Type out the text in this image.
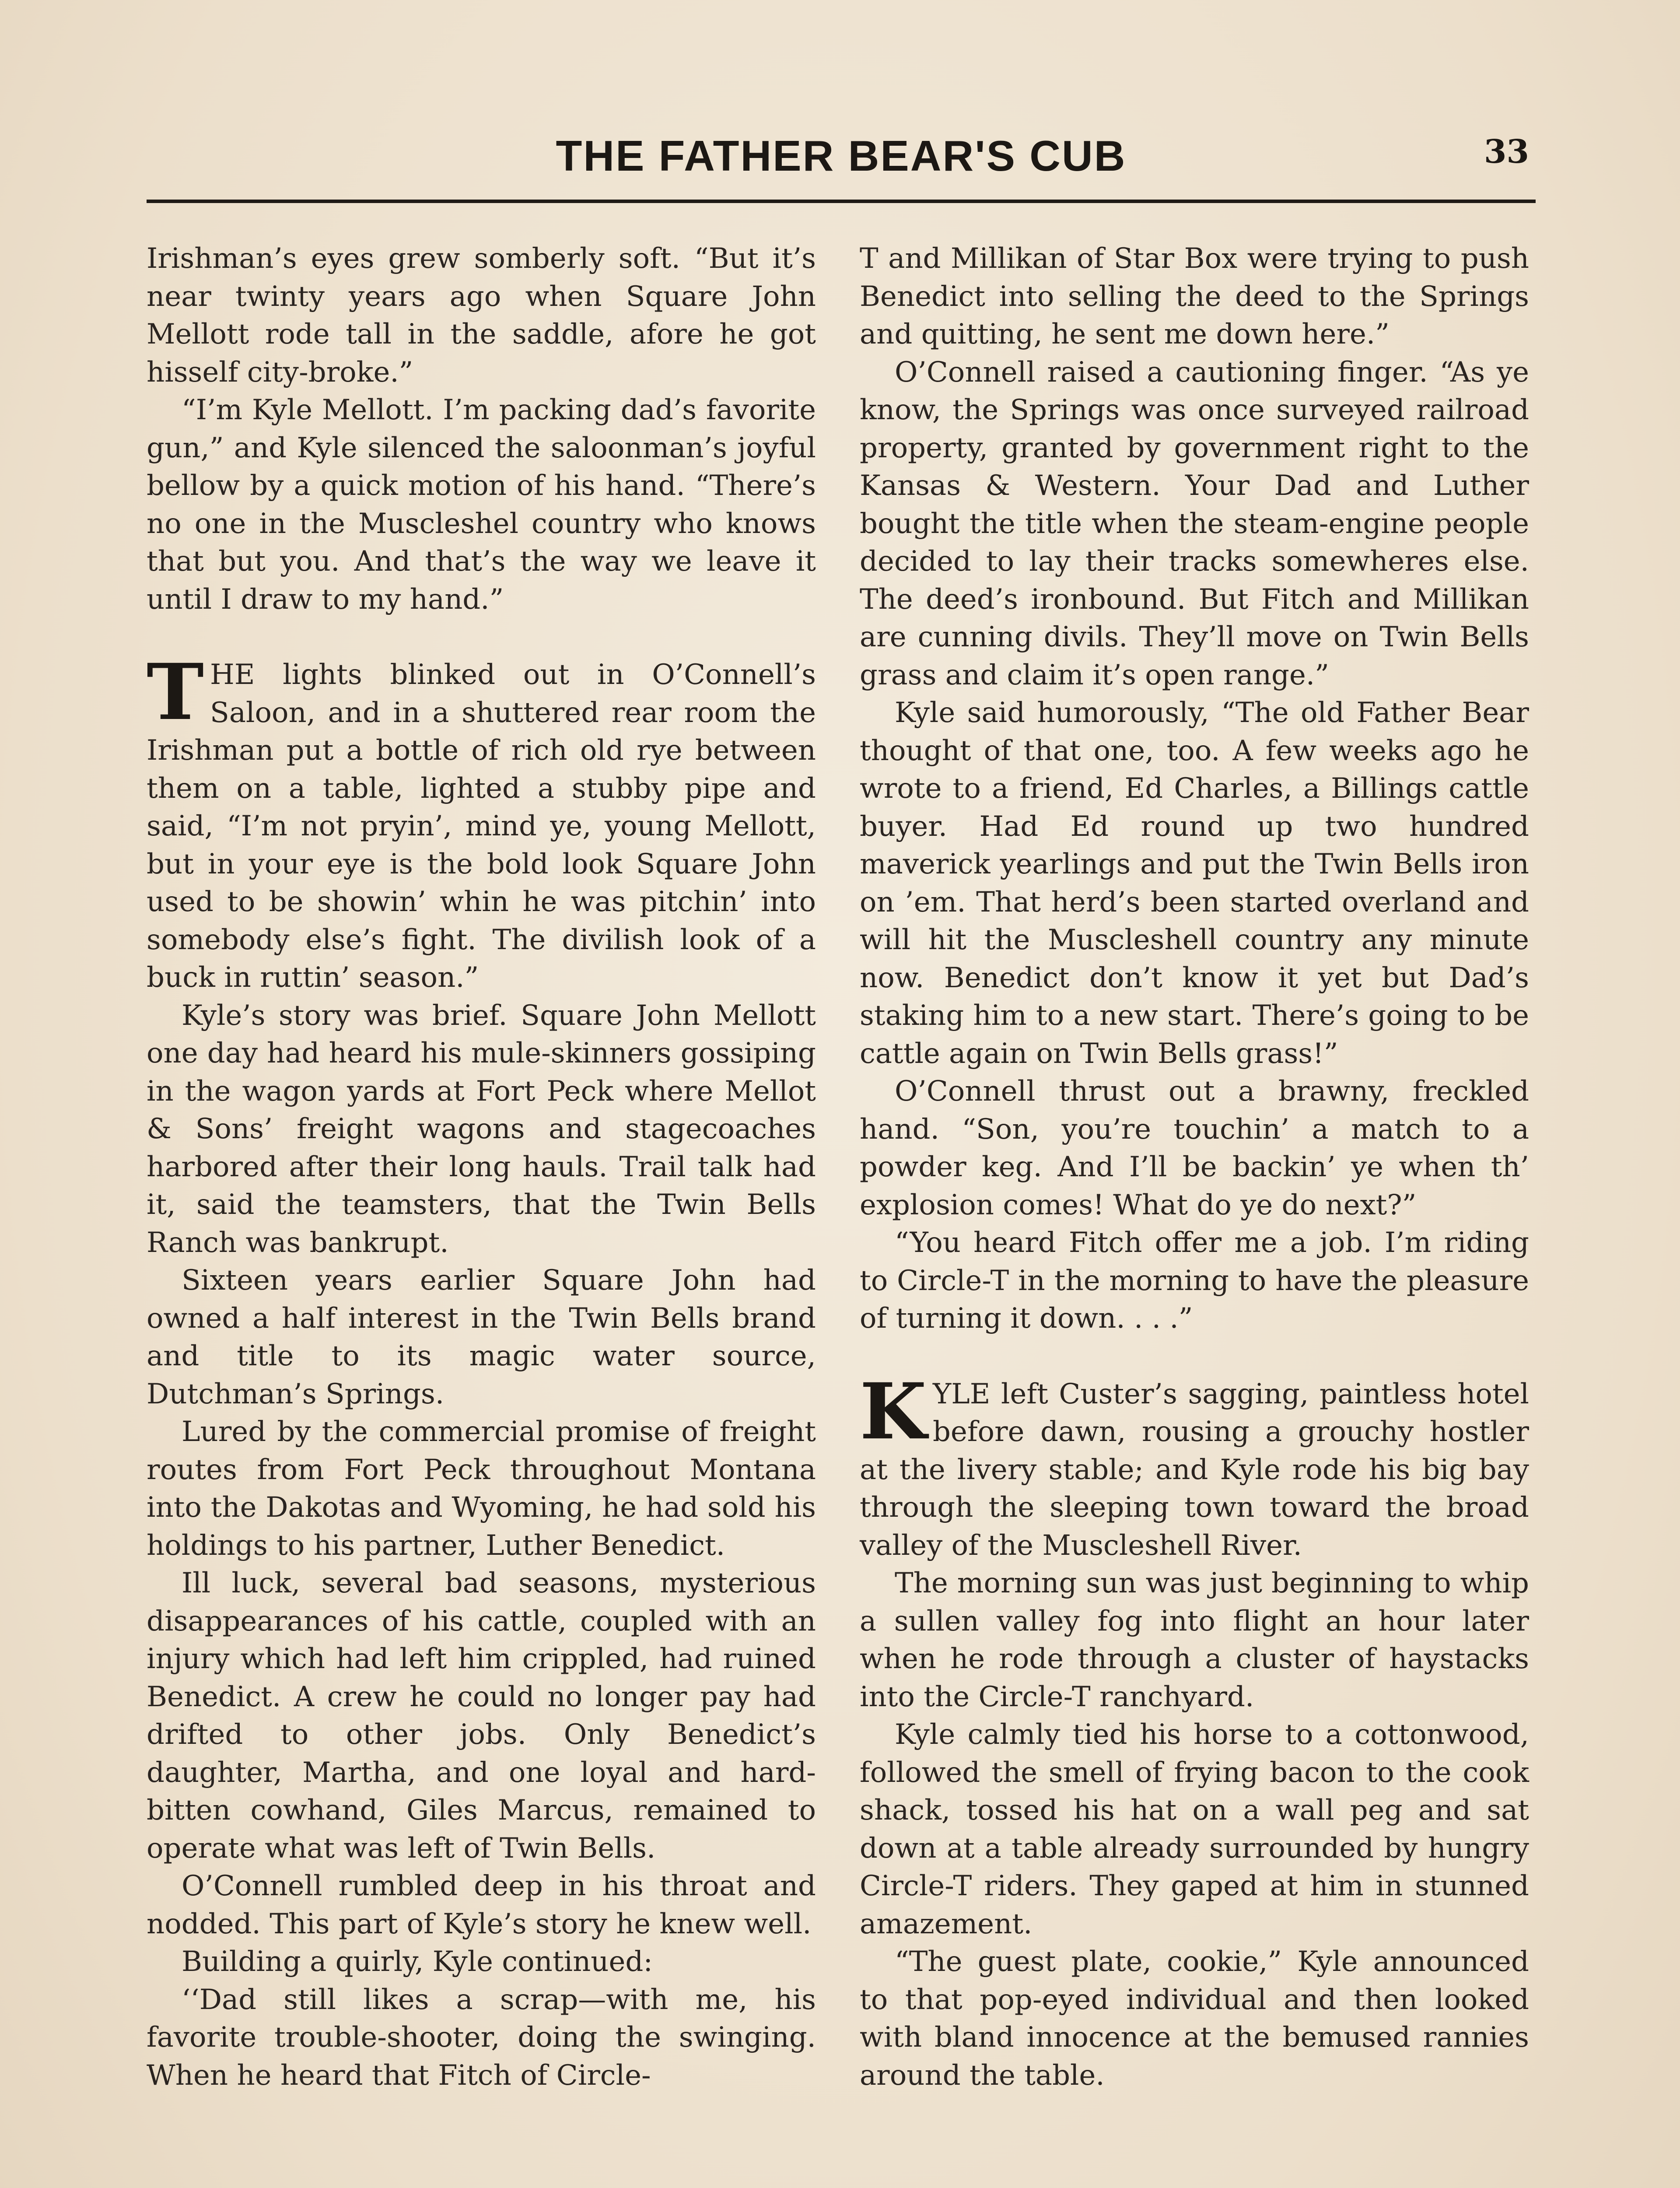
THE FATHER BEAR'S CUB	33

Irishman’s eyes grew somberly soft. “But it’s near twinty years ago when Square John Mellott rode tall in the saddle, afore he got hisself city-broke.”

“I’m Kyle Mellott. I’m packing dad’s favorite gun,” and Kyle silenced the saloonman’s joyful bellow by a quick motion of his hand. “There’s no one in the Muscleshel country who knows that but you. And that’s the way we leave it until I draw to my hand.”

THE lights blinked out in O’Connell’s Saloon, and in a shuttered rear room the Irishman put a bottle of rich old rye between them on a table, lighted a stubby pipe and said, “I’m not pryin’, mind ye, young Mellott, but in your eye is the bold look Square John used to be showin’ whin he was pitchin’ into somebody else’s fight. The divilish look of a buck in ruttin’ season.”

Kyle’s story was brief. Square John Mellott one day had heard his mule-skinners gossiping in the wagon yards at Fort Peck where Mellot & Sons’ freight wagons and stagecoaches harbored after their long hauls. Trail talk had it, said the teamsters, that the Twin Bells Ranch was bankrupt.

Sixteen years earlier Square John had owned a half interest in the Twin Bells brand and title to its magic water source, Dutchman’s Springs.

Lured by the commercial promise of freight routes from Fort Peck throughout Montana into the Dakotas and Wyoming, he had sold his holdings to his partner, Luther Benedict.

Ill luck, several bad seasons, mysterious disappearances of his cattle, coupled with an injury which had left him crippled, had ruined Benedict. A crew he could no longer pay had drifted to other jobs. Only Benedict’s daughter, Martha, and one loyal and hard-bitten cowhand, Giles Marcus, remained to operate what was left of Twin Bells.

O’Connell rumbled deep in his throat and nodded. This part of Kyle’s story he knew well.

Building a quirly, Kyle continued:

‘‘Dad still likes a scrap—with me, his favorite trouble-shooter, doing the swinging. When he heard that Fitch of Circle-

T and Millikan of Star Box were trying to push Benedict into selling the deed to the Springs and quitting, he sent me down here.”

O’Connell raised a cautioning finger. “As ye know, the Springs was once surveyed railroad property, granted by government right to the Kansas & Western. Your Dad and Luther bought the title when the steam-engine people decided to lay their tracks somewheres else. The deed’s ironbound. But Fitch and Millikan are cunning divils. They’ll move on Twin Bells grass and claim it’s open range.”

Kyle said humorously, “The old Father Bear thought of that one, too. A few weeks ago he wrote to a friend, Ed Charles, a Billings cattle buyer. Had Ed round up two hundred maverick yearlings and put the Twin Bells iron on ’em. That herd’s been started overland and will hit the Muscleshell country any minute now. Benedict don’t know it yet but Dad’s staking him to a new start. There’s going to be cattle again on Twin Bells grass!”

O’Connell thrust out a brawny, freckled hand. “Son, you’re touchin’ a match to a powder keg. And I’ll be backin’ ye when th’ explosion comes! What do ye do next?”

“You heard Fitch offer me a job. I’m riding to Circle-T in the morning to have the pleasure of turning it down. . . .”

KYLE left Custer’s sagging, paintless hotel before dawn, rousing a grouchy hostler at the livery stable; and Kyle rode his big bay through the sleeping town toward the broad valley of the Muscleshell River.

The morning sun was just beginning to whip a sullen valley fog into flight an hour later when he rode through a cluster of haystacks into the Circle-T ranchyard.

Kyle calmly tied his horse to a cottonwood, followed the smell of frying bacon to the cook shack, tossed his hat on a wall peg and sat down at a table already surrounded by hungry Circle-T riders. They gaped at him in stunned amazement.

“The guest plate, cookie,” Kyle announced to that pop-eyed individual and then looked with bland innocence at the bemused rannies around the table.
